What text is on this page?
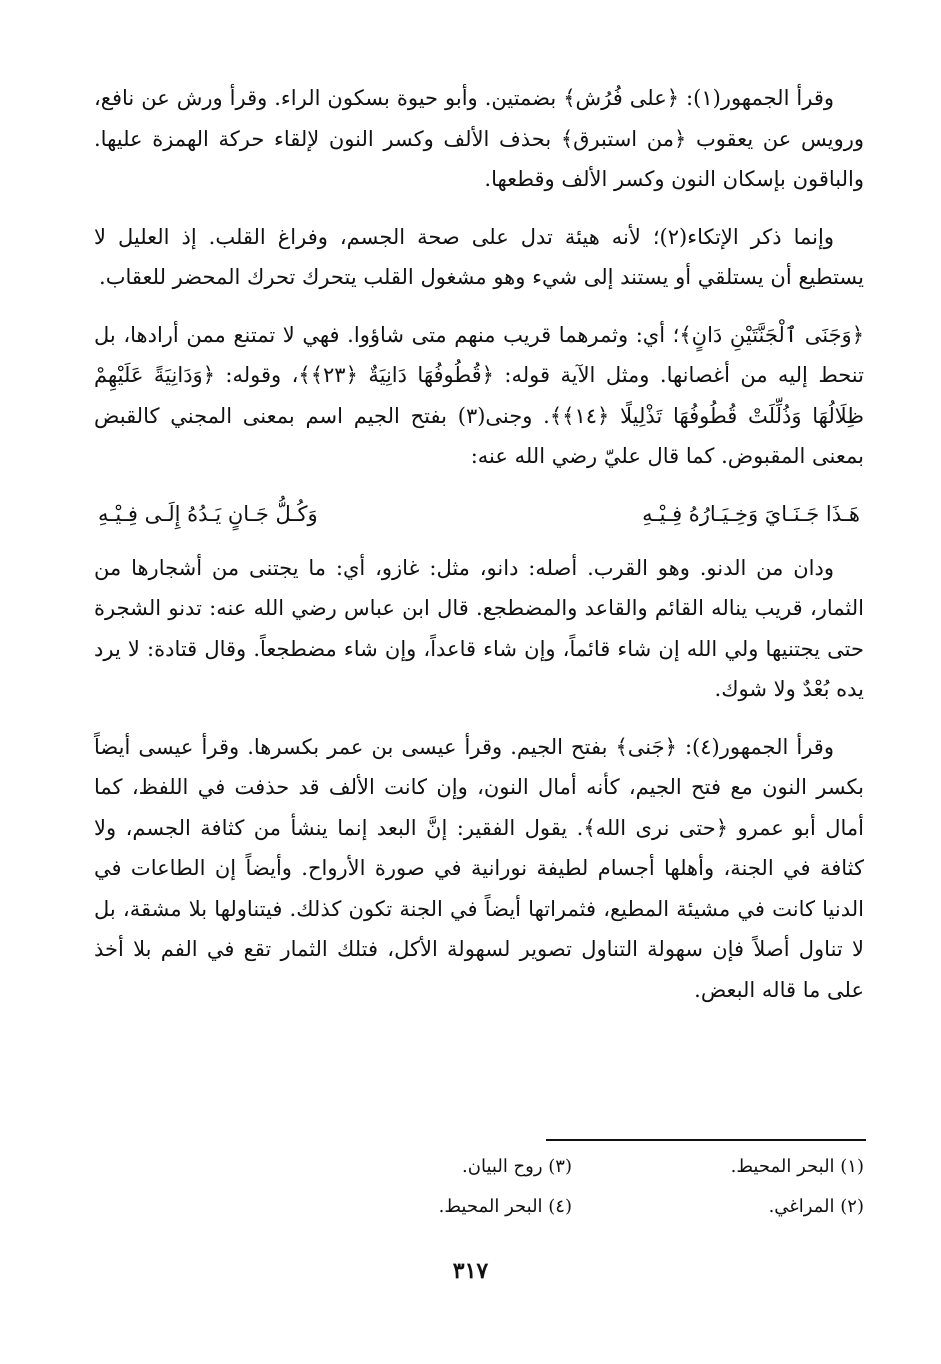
وقرأ الجمهور(١): ﴿على فُرُش﴾ بضمتين. وأبو حيوة بسكون الراء. وقرأ ورش عن نافع، ورويس عن يعقوب ﴿من استبرق﴾ بحذف الألف وكسر النون لإلقاء حركة الهمزة عليها. والباقون بإسكان النون وكسر الألف وقطعها.

وإنما ذكر الإتكاء(٢)؛ لأنه هيئة تدل على صحة الجسم، وفراغ القلب. إذ العليل لا يستطيع أن يستلقي أو يستند إلى شيء وهو مشغول القلب يتحرك تحرك المحضر للعقاب.

﴿وَجَنَى ٱلْجَنَّتَيْنِ دَانٍ﴾؛ أي: وثمرهما قريب منهم متى شاؤوا. فهي لا تمتنع ممن أرادها، بل تنحط إليه من أغصانها. ومثل الآية قوله: ﴿قُطُوفُهَا دَانِيَةٌ ﴿٢٣﴾﴾، وقوله: ﴿وَدَانِيَةً عَلَيْهِمْ ظِلَالُهَا وَذُلِّلَتْ قُطُوفُهَا تَذْلِيلًا ﴿١٤﴾﴾. وجنى(٣) بفتح الجيم اسم بمعنى المجني كالقبض بمعنى المقبوض. كما قال عليّ رضي الله عنه:

هَـذَا جَـنَـايَ وَخِـيَـارُهُ فِـيْـهِ
وَكُـلُّ جَـانٍ يَـدُهُ إِلَـى فِـيْـهِ

ودان من الدنو. وهو القرب. أصله: دانو، مثل: غازو، أي: ما يجتنى من أشجارها من الثمار، قريب يناله القائم والقاعد والمضطجع. قال ابن عباس رضي الله عنه: تدنو الشجرة حتى يجتنيها ولي الله إن شاء قائماً، وإن شاء قاعداً، وإن شاء مضطجعاً. وقال قتادة: لا يرد يده بُعْدٌ ولا شوك.

وقرأ الجمهور(٤): ﴿جَنى﴾ بفتح الجيم. وقرأ عيسى بن عمر بكسرها. وقرأ عيسى أيضاً بكسر النون مع فتح الجيم، كأنه أمال النون، وإن كانت الألف قد حذفت في اللفظ، كما أمال أبو عمرو ﴿حتى نرى الله﴾. يقول الفقير: إنَّ البعد إنما ينشأ من كثافة الجسم، ولا كثافة في الجنة، وأهلها أجسام لطيفة نورانية في صورة الأرواح. وأيضاً إن الطاعات في الدنيا كانت في مشيئة المطيع، فثمراتها أيضاً في الجنة تكون كذلك. فيتناولها بلا مشقة، بل لا تناول أصلاً فإن سهولة التناول تصوير لسهولة الأكل، فتلك الثمار تقع في الفم بلا أخذ على ما قاله البعض.

(١) البحر المحيط.
(٣) روح البيان.
(٢) المراغي.
(٤) البحر المحيط.
٣١٧
